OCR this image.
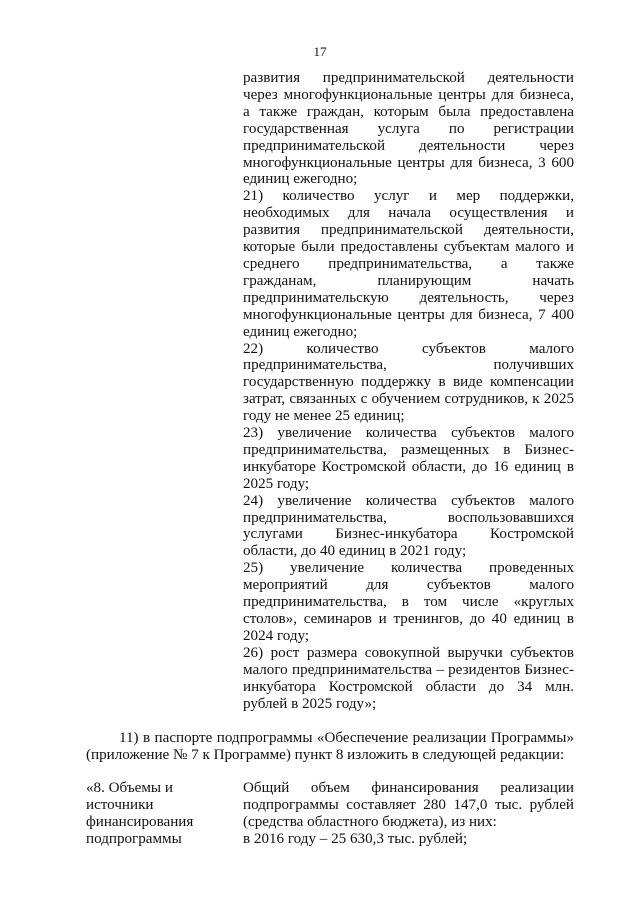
17

развития предпринимательской деятельности через многофункциональные центры для бизнеса, а также граждан, которым была предоставлена государственная услуга по регистрации предпринимательской деятельности через многофункциональные центры для бизнеса, 3 600 единиц ежегодно;

21) количество услуг и мер поддержки, необходимых для начала осуществления и развития предпринимательской деятельности, которые были предоставлены субъектам малого и среднего предпринимательства, а также гражданам, планирующим начать предпринимательскую деятельность, через многофункциональные центры для бизнеса, 7 400 единиц ежегодно;

22) количество субъектов малого предпринимательства, получивших государственную поддержку в виде компенсации затрат, связанных с обучением сотрудников, к 2025 году не менее 25 единиц;

23) увеличение количества субъектов малого предпринимательства, размещенных в Бизнес-инкубаторе Костромской области, до 16 единиц в 2025 году;

24) увеличение количества субъектов малого предпринимательства, воспользовавшихся услугами Бизнес-инкубатора Костромской области, до 40 единиц в 2021 году;

25) увеличение количества проведенных мероприятий для субъектов малого предпринимательства, в том числе «круглых столов», семинаров и тренингов, до 40 единиц в 2024 году;

26) рост размера совокупной выручки субъектов малого предпринимательства – резидентов Бизнес-инкубатора Костромской области до 34 млн. рублей в 2025 году»;

11) в паспорте подпрограммы «Обеспечение реализации Программы» (приложение № 7 к Программе) пункт 8 изложить в следующей редакции:

«8. Объемы и источники финансирования подпрограммы

Общий объем финансирования реализации подпрограммы составляет 280 147,0 тыс. рублей (средства областного бюджета), из них:

в 2016 году – 25 630,3 тыс. рублей;
